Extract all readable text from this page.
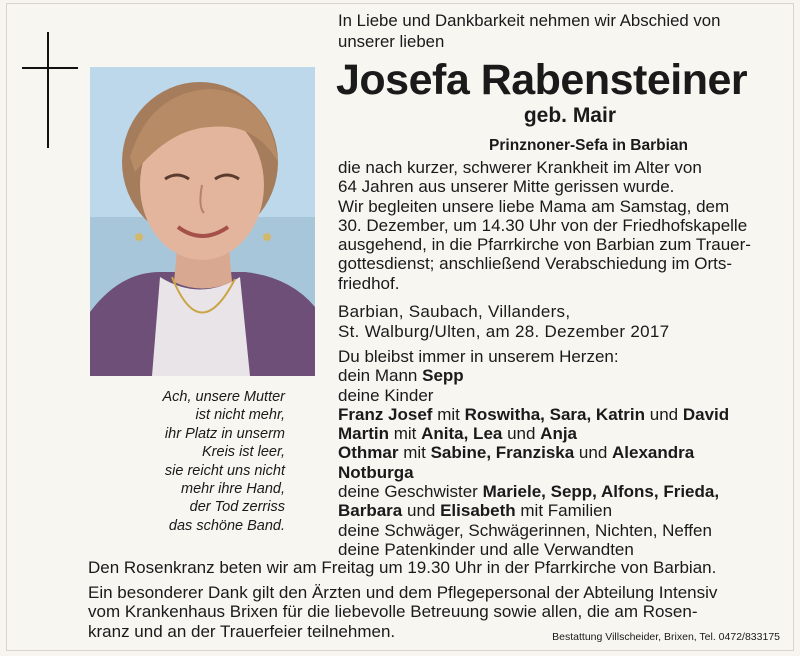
Ach, unsere Mutter
ist nicht mehr,
ihr Platz in unserm
Kreis ist leer,
sie reicht uns nicht
mehr ihre Hand,
der Tod zerriss
das schöne Band.
In Liebe und Dankbarkeit nehmen wir Abschied von
unserer lieben
Josefa Rabensteiner
geb. Mair
Prinznoner-Sefa in Barbian
die nach kurzer, schwerer Krankheit im Alter von
64 Jahren aus unserer Mitte gerissen wurde.
Wir begleiten unsere liebe Mama am Samstag, dem
30. Dezember, um 14.30 Uhr von der Friedhofskapelle
ausgehend, in die Pfarrkirche von Barbian zum Trauer-
gottesdienst; anschließend Verabschiedung im Orts-
friedhof.
Barbian, Saubach, Villanders,
St. Walburg/Ulten, am 28. Dezember 2017
Du bleibst immer in unserem Herzen:
dein Mann Sepp
deine Kinder
Franz Josef mit Roswitha, Sara, Katrin und David
Martin mit Anita, Lea und Anja
Othmar mit Sabine, Franziska und Alexandra
Notburga
deine Geschwister Mariele, Sepp, Alfons, Frieda,
Barbara und Elisabeth mit Familien
deine Schwäger, Schwägerinnen, Nichten, Neffen
deine Patenkinder und alle Verwandten
Den Rosenkranz beten wir am Freitag um 19.30 Uhr in der Pfarrkirche von Barbian.
Ein besonderer Dank gilt den Ärzten und dem Pflegepersonal der Abteilung Intensiv
vom Krankenhaus Brixen für die liebevolle Betreuung sowie allen, die am Rosen-
kranz und an der Trauerfeier teilnehmen.	Bestattung Villscheider, Brixen, Tel. 0472/833175
